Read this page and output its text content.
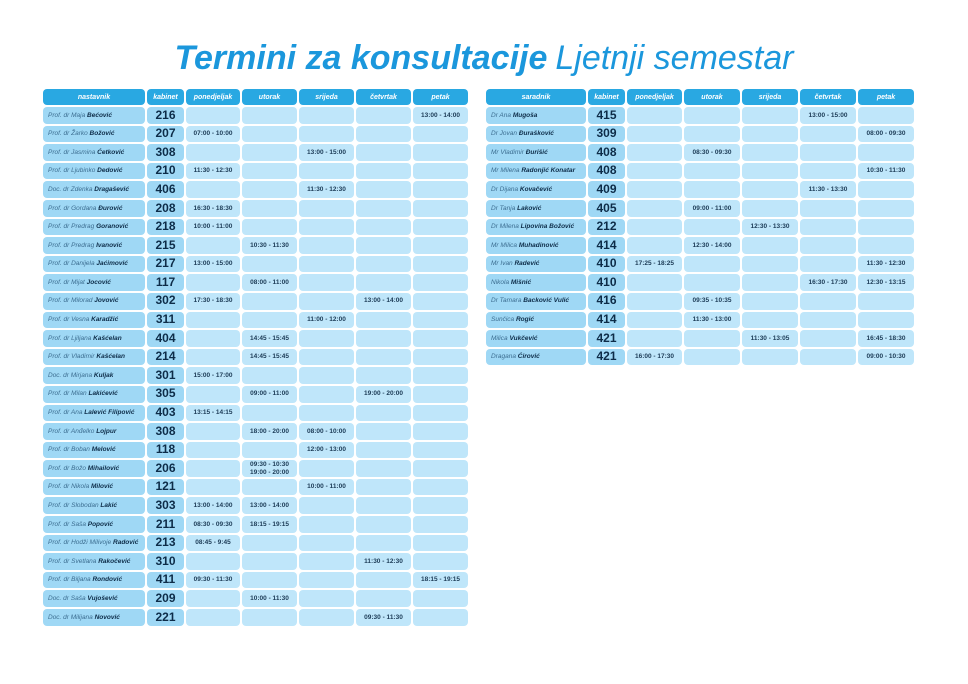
Termini za konsultacije Ljetnji semestar
nastavnik	kabinet	ponedjeljak	utorak	srijeda	četvrtak	petak
Prof. dr Maja Bećović	216					13:00 - 14:00
Prof. dr Žarko Božović	207	07:00 - 10:00				
Prof. dr Jasmina Ćetković	308			13:00 - 15:00		
Prof. dr Ljubinko Dedović	210	11:30 - 12:30				
Doc. dr Zdenka Dragašević	406			11:30 - 12:30		
Prof. dr Gordana Đurović	208	16:30 - 18:30				
Prof. dr Predrag Goranović	218	10:00 - 11:00				
Prof. dr Predrag Ivanović	215		10:30 - 11:30			
Prof. dr Danijela Jaćimović	217	13:00 - 15:00				
Prof. dr Mijat Jocović	117		08:00 - 11:00			
Prof. dr Milorad Jovović	302	17:30 - 18:30			13:00 - 14:00	
Prof. dr Vesna Karadžić	311			11:00 - 12:00		
Prof. dr Ljiljana Kašćelan	404		14:45 - 15:45			
Prof. dr Vladimir Kašćelan	214		14:45 - 15:45			
Doc. dr Mirjana Kuljak	301	15:00 - 17:00				
Prof. dr Milan Lakićević	305		09:00 - 11:00		19:00 - 20:00	
Prof. dr Ana Lalević Filipović	403	13:15 - 14:15				
Prof. dr Anđelko Lojpur	308		18:00 - 20:00	08:00 - 10:00		
Prof. dr Boban Melović	118			12:00 - 13:00		
Prof. dr Božo Mihailović	206		09:30 - 10:30
19:00 - 20:00			
Prof. dr Nikola Milović	121			10:00 - 11:00		
Prof. dr Slobodan Lakić	303	13:00 - 14:00	13:00 - 14:00			
Prof. dr Saša Popović	211	08:30 - 09:30	18:15 - 19:15			
Prof. dr Hodži Milivoje Radović	213	08:45 - 9:45				
Prof. dr Svetlana Rakočević	310				11:30 - 12:30	
Prof. dr Biljana Rondović	411	09:30 - 11:30				18:15 - 19:15
Doc. dr Saša Vujošević	209		10:00 - 11:30			
Doc. dr Milijana Novović	221				09:30 - 11:30	
saradnik	kabinet	ponedjeljak	utorak	srijeda	četvrtak	petak
Dr Ana Mugoša	415				13:00 - 15:00	
Dr Jovan Đurašković	309					08:00 - 09:30
Mr Vladimir Đurišić	408		08:30 - 09:30			
Mr Milena Radonjić Konatar	408					10:30 - 11:30
Dr Dijana Kovačević	409				11:30 - 13:30	
Dr Tanja Laković	405		09:00 - 11:00			
Dr Milena Lipovina Božović	212			12:30 - 13:30		
Mr Milica Muhadinović	414		12:30 - 14:00			
Mr Ivan Radević	410	17:25 - 18:25				11:30 - 12:30
Nikola Mišnić	410				16:30 - 17:30	12:30 - 13:15
Dr Tamara Backović Vulić	416		09:35 - 10:35			
Sunčica Rogić	414		11:30 - 13:00			
Milica Vukčević	421			11:30 - 13:05		16:45 - 18:30
Dragana Ćirović	421	16:00 - 17:30				09:00 - 10:30
